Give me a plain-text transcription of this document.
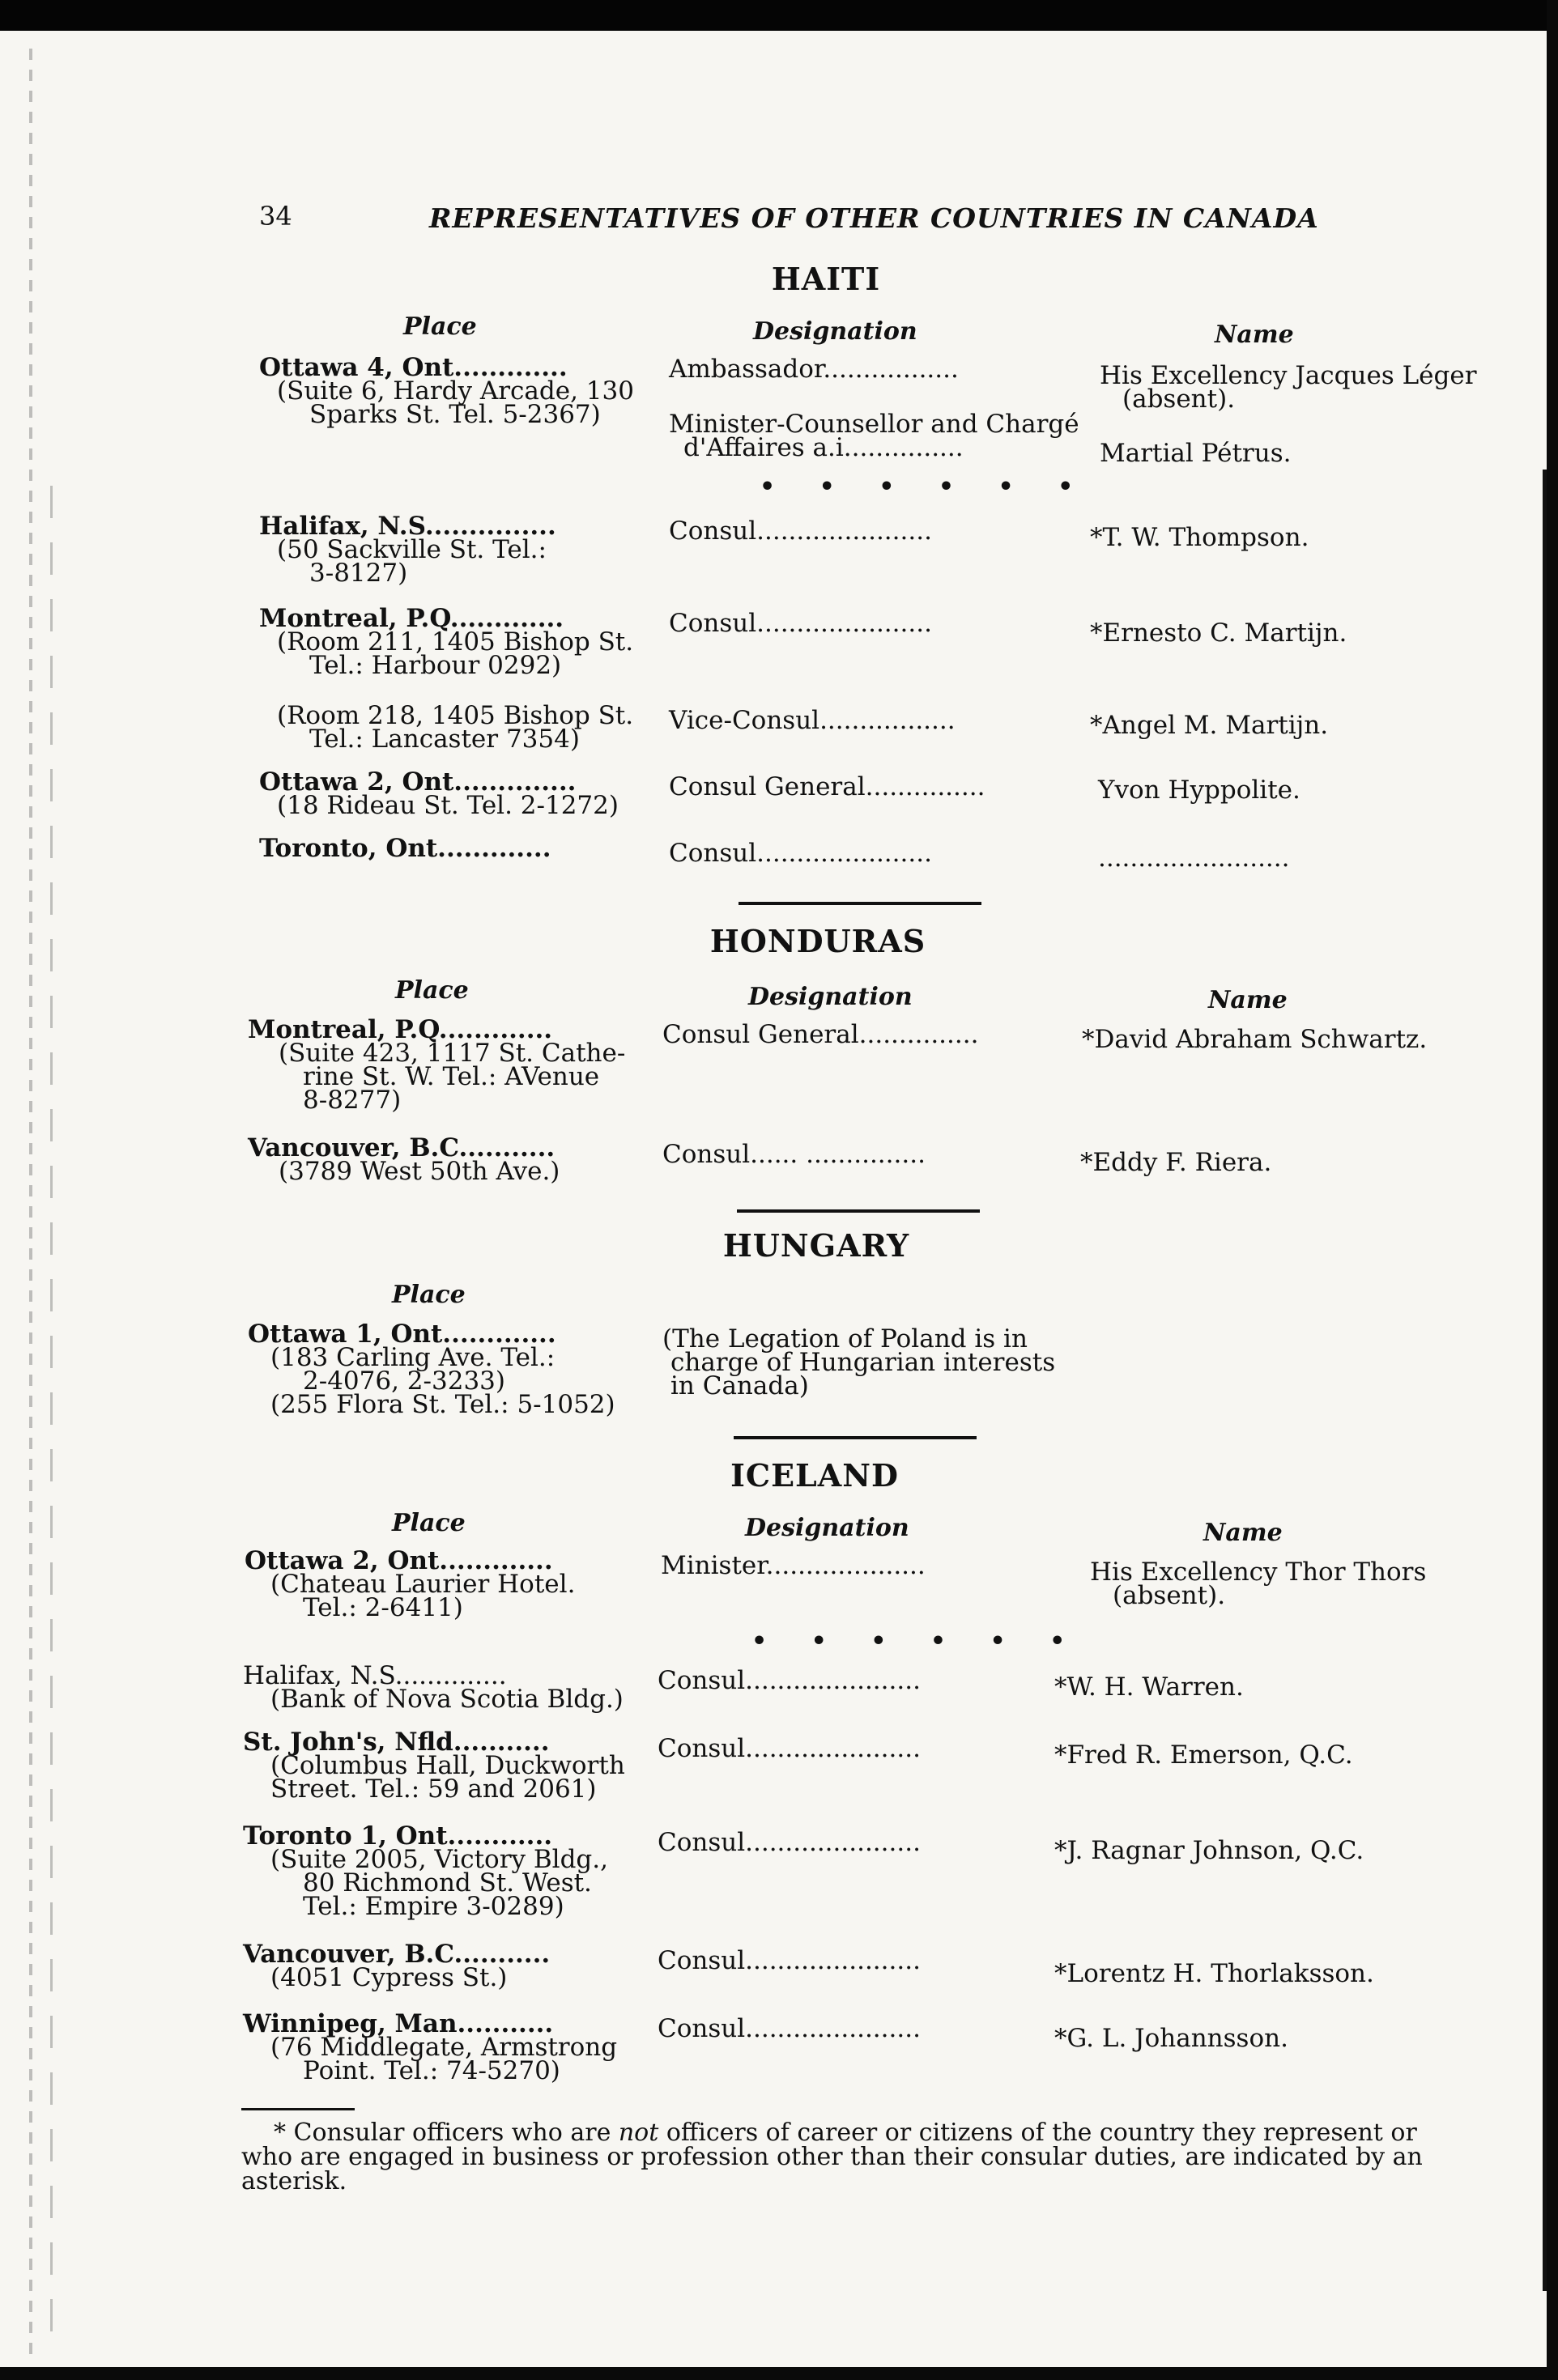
34	REPRESENTATIVES OF OTHER COUNTRIES IN CANADA
HAITI
Place	Designation	Name
Ottawa 4, Ont.............
(Suite 6, Hardy Arcade, 130
Sparks St. Tel. 5-2367)
Ambassador.................	His Excellency Jacques Léger
(absent).
Minister-Counsellor and Chargé
d'Affaires a.i...............	Martial Pétrus.
• • • • • •
Halifax, N.S...............
(50 Sackville St. Tel.:
3-8127)
Consul......................	*T. W. Thompson.
Montreal, P.Q.............
(Room 211, 1405 Bishop St.
Tel.: Harbour 0292)
Consul......................	*Ernesto C. Martijn.
(Room 218, 1405 Bishop St.
Tel.: Lancaster 7354)
Vice-Consul.................	*Angel M. Martijn.
Ottawa 2, Ont..............
(18 Rideau St. Tel. 2-1272)
Consul General...............	Yvon Hyppolite.
Toronto, Ont.............	Consul......................	........................
HONDURAS
Place	Designation	Name
Montreal, P.Q.............
(Suite 423, 1117 St. Cathe-
rine St. W. Tel.: AVenue
8-8277)
Consul General...............	*David Abraham Schwartz.
Vancouver, B.C...........
(3789 West 50th Ave.)
Consul...... ...............	*Eddy F. Riera.
HUNGARY
Place
Ottawa 1, Ont.............
(183 Carling Ave. Tel.:
2-4076, 2-3233)
(255 Flora St. Tel.: 5-1052)
(The Legation of Poland is in
charge of Hungarian interests
in Canada)
ICELAND
Place	Designation	Name
Ottawa 2, Ont.............
(Chateau Laurier Hotel.
Tel.: 2-6411)
Minister....................	His Excellency Thor Thors
(absent).
• • • • • •
Halifax, N.S..............
(Bank of Nova Scotia Bldg.)
Consul......................	*W. H. Warren.
St. John's, Nfld...........
(Columbus Hall, Duckworth
Street. Tel.: 59 and 2061)
Consul......................	*Fred R. Emerson, Q.C.
Toronto 1, Ont............
(Suite 2005, Victory Bldg.,
80 Richmond St. West.
Tel.: Empire 3-0289)
Consul......................	*J. Ragnar Johnson, Q.C.
Vancouver, B.C...........
(4051 Cypress St.)
Consul......................	*Lorentz H. Thorlaksson.
Winnipeg, Man...........
(76 Middlegate, Armstrong
Point. Tel.: 74-5270)
Consul......................	*G. L. Johannsson.
* Consular officers who are not officers of career or citizens of the country they represent or who are engaged in business or profession other than their consular duties, are indicated by an asterisk.
